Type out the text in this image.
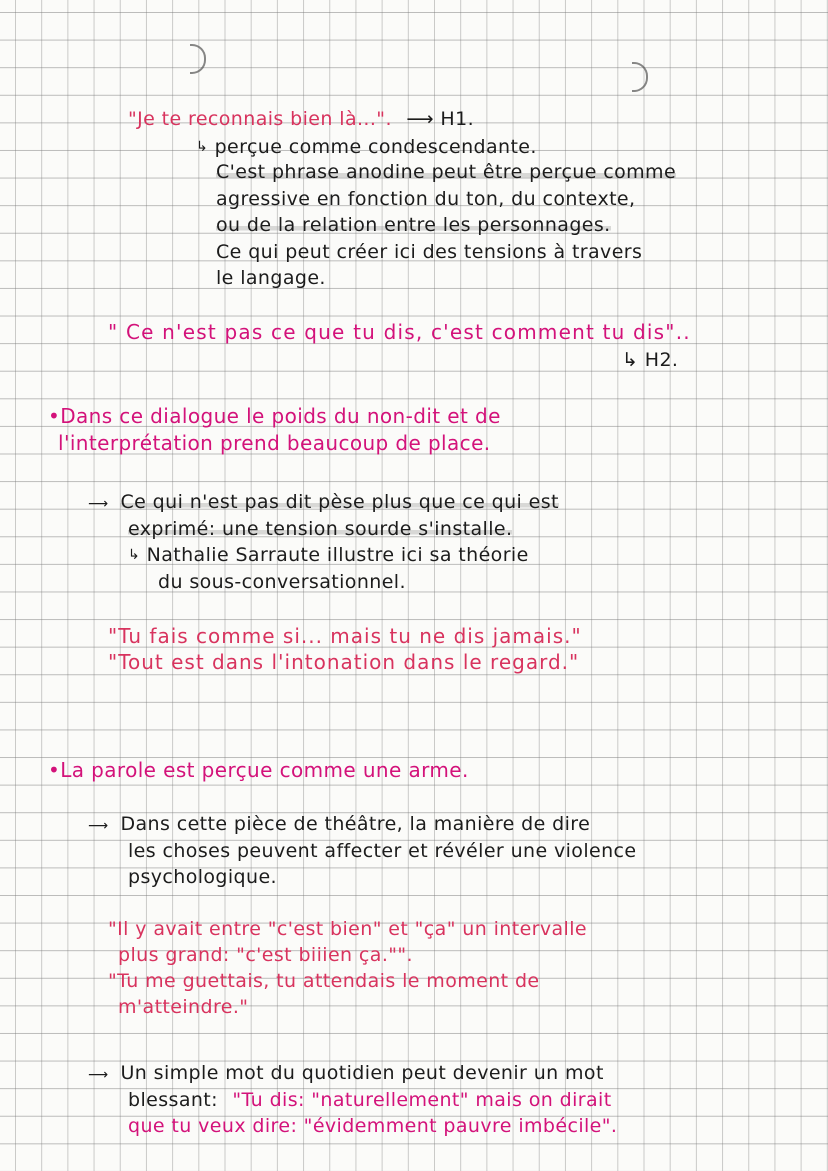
"Je te reconnais bien là...". ⟶ H1.
↳ perçue comme condescendante.
C'est phrase anodine peut être perçue comme
agressive en fonction du ton, du contexte,
ou de la relation entre les personnages.
Ce qui peut créer ici des tensions à travers
le langage.
" Ce n'est pas ce que tu dis, c'est comment tu dis"..
↳ H2.
•Dans ce dialogue le poids du non-dit et de
l'interprétation prend beaucoup de place.
⟶ Ce qui n'est pas dit pèse plus que ce qui est
exprimé: une tension sourde s'installe.
↳ Nathalie Sarraute illustre ici sa théorie
du sous-conversationnel.
"Tu fais comme si... mais tu ne dis jamais."
"Tout est dans l'intonation dans le regard."
•La parole est perçue comme une arme.
⟶ Dans cette pièce de théâtre, la manière de dire
les choses peuvent affecter et révéler une violence
psychologique.
"Il y avait entre "c'est bien" et "ça" un intervalle
plus grand: "c'est biiien ça."".
"Tu me guettais, tu attendais le moment de
m'atteindre."
⟶ Un simple mot du quotidien peut devenir un mot
blessant: "Tu dis: "naturellement" mais on dirait
que tu veux dire: "évidemment pauvre imbécile".
